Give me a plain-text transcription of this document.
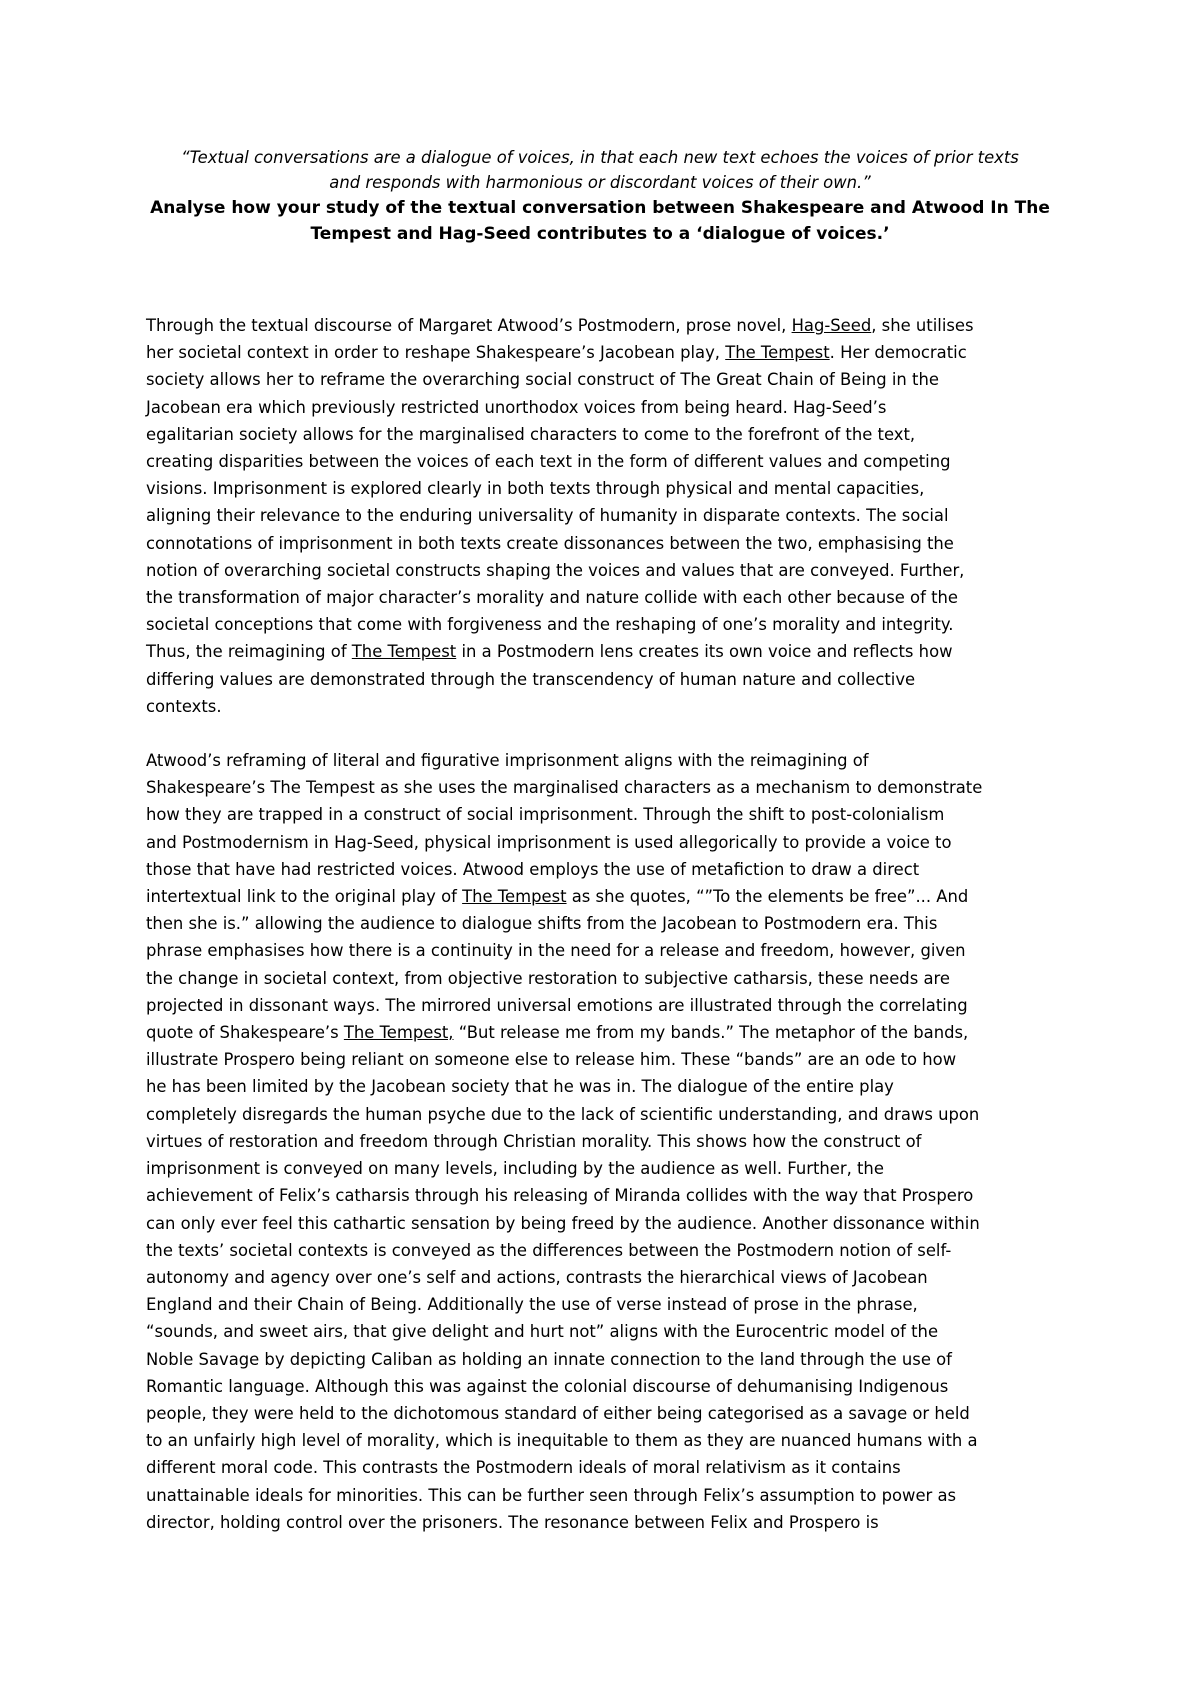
“Textual conversations are a dialogue of voices, in that each new text echoes the voices of prior texts
and responds with harmonious or discordant voices of their own.”

Analyse how your study of the textual conversation between Shakespeare and Atwood In The
Tempest and Hag-Seed contributes to a ‘dialogue of voices.’

Through the textual discourse of Margaret Atwood’s Postmodern, prose novel, Hag-Seed, she utilises
her societal context in order to reshape Shakespeare’s Jacobean play, The Tempest. Her democratic
society allows her to reframe the overarching social construct of The Great Chain of Being in the
Jacobean era which previously restricted unorthodox voices from being heard. Hag-Seed’s
egalitarian society allows for the marginalised characters to come to the forefront of the text,
creating disparities between the voices of each text in the form of different values and competing
visions. Imprisonment is explored clearly in both texts through physical and mental capacities,
aligning their relevance to the enduring universality of humanity in disparate contexts. The social
connotations of imprisonment in both texts create dissonances between the two, emphasising the
notion of overarching societal constructs shaping the voices and values that are conveyed. Further,
the transformation of major character’s morality and nature collide with each other because of the
societal conceptions that come with forgiveness and the reshaping of one’s morality and integrity.
Thus, the reimagining of The Tempest in a Postmodern lens creates its own voice and reflects how
differing values are demonstrated through the transcendency of human nature and collective
contexts.

Atwood’s reframing of literal and figurative imprisonment aligns with the reimagining of
Shakespeare’s The Tempest as she uses the marginalised characters as a mechanism to demonstrate
how they are trapped in a construct of social imprisonment. Through the shift to post-colonialism
and Postmodernism in Hag-Seed, physical imprisonment is used allegorically to provide a voice to
those that have had restricted voices. Atwood employs the use of metafiction to draw a direct
intertextual link to the original play of The Tempest as she quotes, “”To the elements be free”... And
then she is.” allowing the audience to dialogue shifts from the Jacobean to Postmodern era. This
phrase emphasises how there is a continuity in the need for a release and freedom, however, given
the change in societal context, from objective restoration to subjective catharsis, these needs are
projected in dissonant ways. The mirrored universal emotions are illustrated through the correlating
quote of Shakespeare’s The Tempest, “But release me from my bands.” The metaphor of the bands,
illustrate Prospero being reliant on someone else to release him. These “bands” are an ode to how
he has been limited by the Jacobean society that he was in. The dialogue of the entire play
completely disregards the human psyche due to the lack of scientific understanding, and draws upon
virtues of restoration and freedom through Christian morality. This shows how the construct of
imprisonment is conveyed on many levels, including by the audience as well. Further, the
achievement of Felix’s catharsis through his releasing of Miranda collides with the way that Prospero
can only ever feel this cathartic sensation by being freed by the audience. Another dissonance within
the texts’ societal contexts is conveyed as the differences between the Postmodern notion of self-
autonomy and agency over one’s self and actions, contrasts the hierarchical views of Jacobean
England and their Chain of Being. Additionally the use of verse instead of prose in the phrase,
“sounds, and sweet airs, that give delight and hurt not” aligns with the Eurocentric model of the
Noble Savage by depicting Caliban as holding an innate connection to the land through the use of
Romantic language. Although this was against the colonial discourse of dehumanising Indigenous
people, they were held to the dichotomous standard of either being categorised as a savage or held
to an unfairly high level of morality, which is inequitable to them as they are nuanced humans with a
different moral code. This contrasts the Postmodern ideals of moral relativism as it contains
unattainable ideals for minorities. This can be further seen through Felix’s assumption to power as
director, holding control over the prisoners. The resonance between Felix and Prospero is
